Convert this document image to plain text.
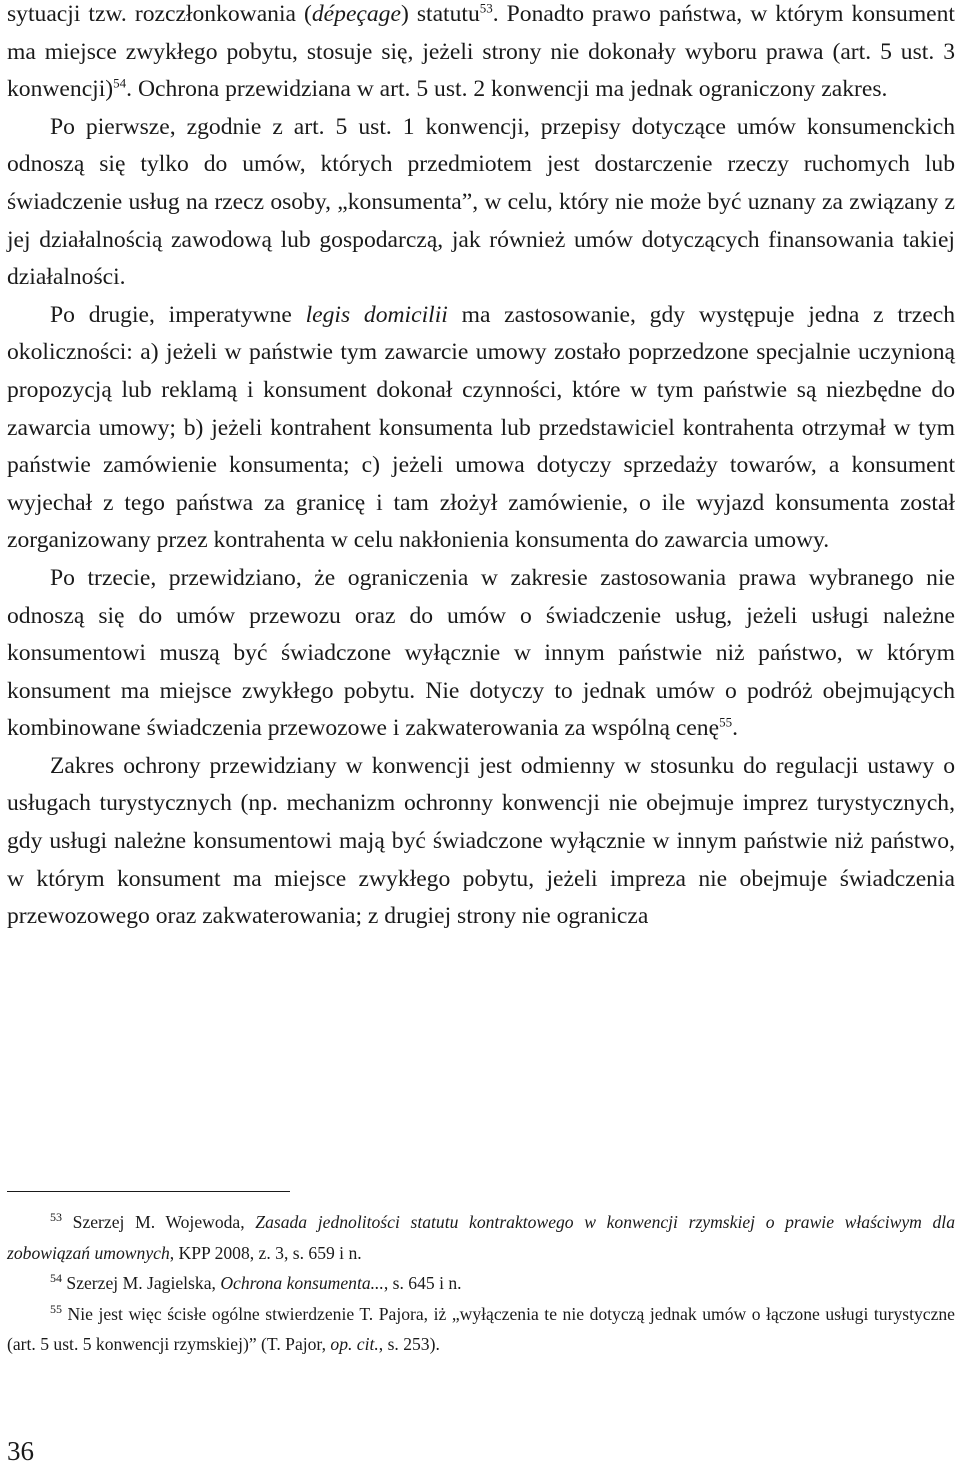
sytuacji tzw. rozczłonkowania (dépeçage) statutu$^{53}$. Ponadto prawo państwa, w którym konsument ma miejsce zwykłego pobytu, stosuje się, jeżeli strony nie dokonały wyboru prawa (art. 5 ust. 3 konwencji)$^{54}$. Ochrona przewidziana w art. 5 ust. 2 konwencji ma jednak ograniczony zakres.

Po pierwsze, zgodnie z art. 5 ust. 1 konwencji, przepisy dotyczące umów konsumenckich odnoszą się tylko do umów, których przedmiotem jest dostarczenie rzeczy ruchomych lub świadczenie usług na rzecz osoby, „konsumenta”, w celu, który nie może być uznany za związany z jej działalnością zawodową lub gospodarczą, jak również umów dotyczących finansowania takiej działalności.

Po drugie, imperatywne legis domicilii ma zastosowanie, gdy występuje jedna z trzech okoliczności: a) jeżeli w państwie tym zawarcie umowy zostało poprzedzone specjalnie uczynioną propozycją lub reklamą i konsument dokonał czynności, które w tym państwie są niezbędne do zawarcia umowy; b) jeżeli kontrahent konsumenta lub przedstawiciel kontrahenta otrzymał w tym państwie zamówienie konsumenta; c) jeżeli umowa dotyczy sprzedaży towarów, a konsument wyjechał z tego państwa za granicę i tam złożył zamówienie, o ile wyjazd konsumenta został zorganizowany przez kontrahenta w celu nakłonienia konsumenta do zawarcia umowy.

Po trzecie, przewidziano, że ograniczenia w zakresie zastosowania prawa wybranego nie odnoszą się do umów przewozu oraz do umów o świadczenie usług, jeżeli usługi należne konsumentowi muszą być świadczone wyłącznie w innym państwie niż państwo, w którym konsument ma miejsce zwykłego pobytu. Nie dotyczy to jednak umów o podróż obejmujących kombinowane świadczenia przewozowe i zakwaterowania za wspólną cenę$^{55}$.

Zakres ochrony przewidziany w konwencji jest odmienny w stosunku do regulacji ustawy o usługach turystycznych (np. mechanizm ochronny konwencji nie obejmuje imprez turystycznych, gdy usługi należne konsumentowi mają być świadczone wyłącznie w innym państwie niż państwo, w którym konsument ma miejsce zwykłego pobytu, jeżeli impreza nie obejmuje świadczenia przewozowego oraz zakwaterowania; z drugiej strony nie ogranicza

$^{53}$ Szerzej M. Wojewoda, Zasada jednolitości statutu kontraktowego w konwencji rzymskiej o prawie właściwym dla zobowiązań umownych, KPP 2008, z. 3, s. 659 i n.

$^{54}$ Szerzej M. Jagielska, Ochrona konsumenta..., s. 645 i n.

$^{55}$ Nie jest więc ścisłe ogólne stwierdzenie T. Pajora, iż „wyłączenia te nie dotyczą jednak umów o łączone usługi turystyczne (art. 5 ust. 5 konwencji rzymskiej)” (T. Pajor, op. cit., s. 253).

36
